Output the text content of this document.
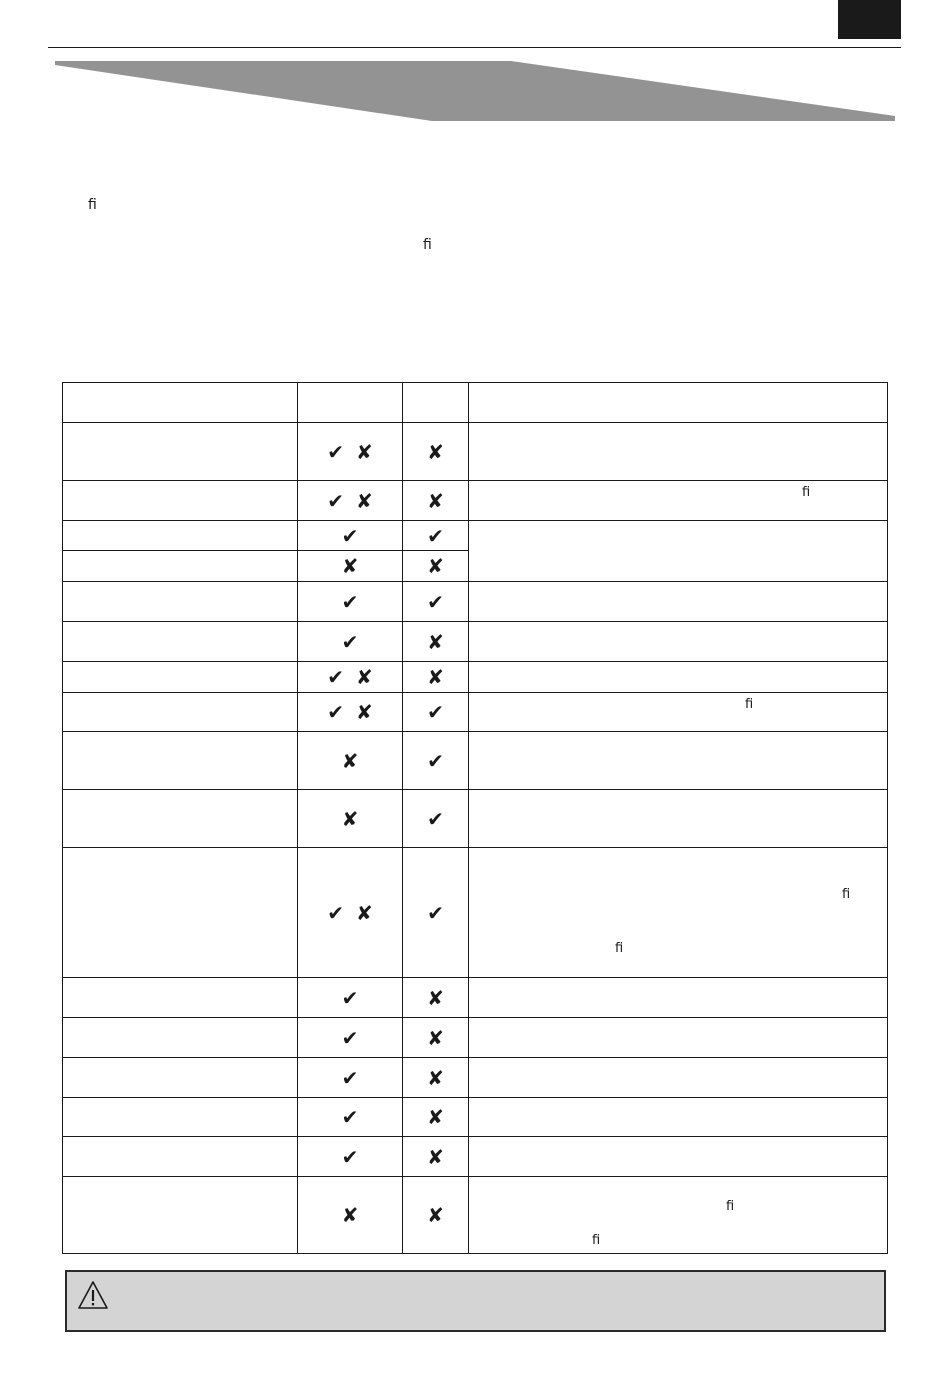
ﬁ
ﬁ

	✔ ✘	✘	
	✔ ✘	✘	ﬁ

	✔	✔	
	✘	✘	
	✔	✔	
	✔	✘	
	✔ ✘	✘	
	✔ ✘	✔	ﬁ

	✘	✔	
	✘	✔	
	✔ ✘	✔	ﬁ
ﬁ

	✔	✘	
	✔	✘	
	✔	✘	
	✔	✘	
	✔	✘	
	✘	✘	ﬁ
ﬁ
